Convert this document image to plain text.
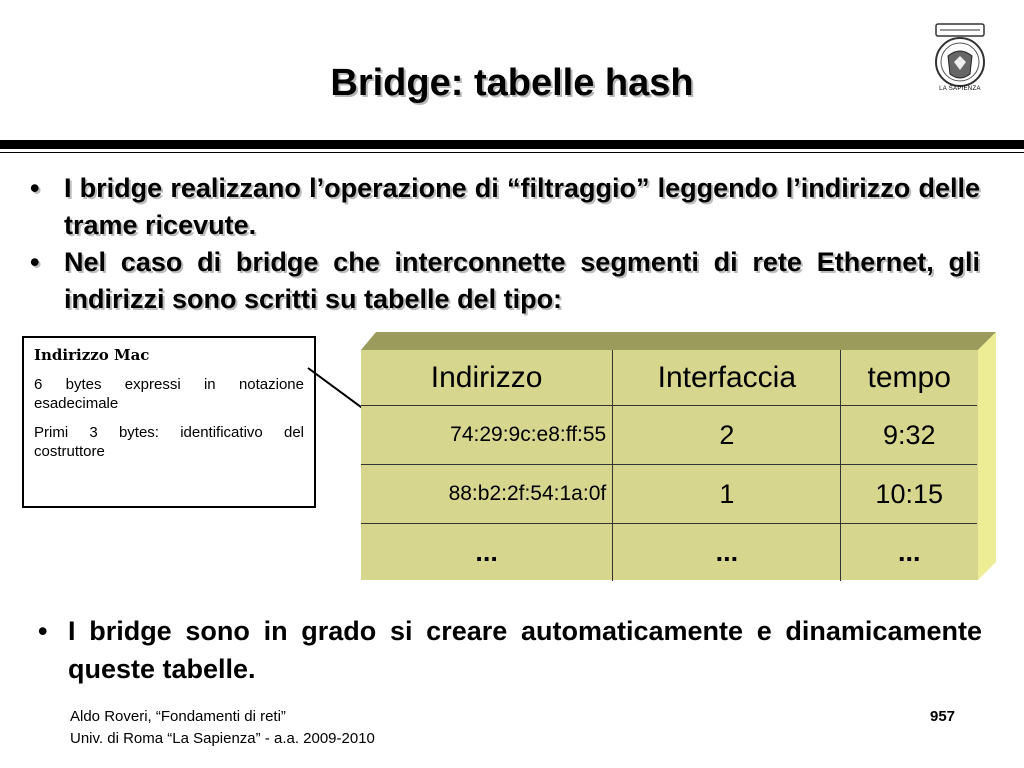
Bridge: tabelle hash	LA SAPIENZA
• I bridge realizzano l’operazione di “filtraggio” leggendo l’indirizzo delle trame ricevute.
• Nel caso di bridge che interconnette segmenti di rete Ethernet, gli indirizzi sono scritti su tabelle del tipo:
Indirizzo Mac
6 bytes expressi in notazione esadecimale
Primi 3 bytes: identificativo del costruttore
Indirizzo	Interfaccia	tempo
74:29:9c:e8:ff:55	2	9:32
88:b2:2f:54:1a:0f	1	10:15
...	...	...
• I bridge sono in grado si creare automaticamente e dinamicamente queste tabelle.
Aldo Roveri, “Fondamenti di reti”
Univ. di Roma “La Sapienza” - a.a. 2009-2010
957
